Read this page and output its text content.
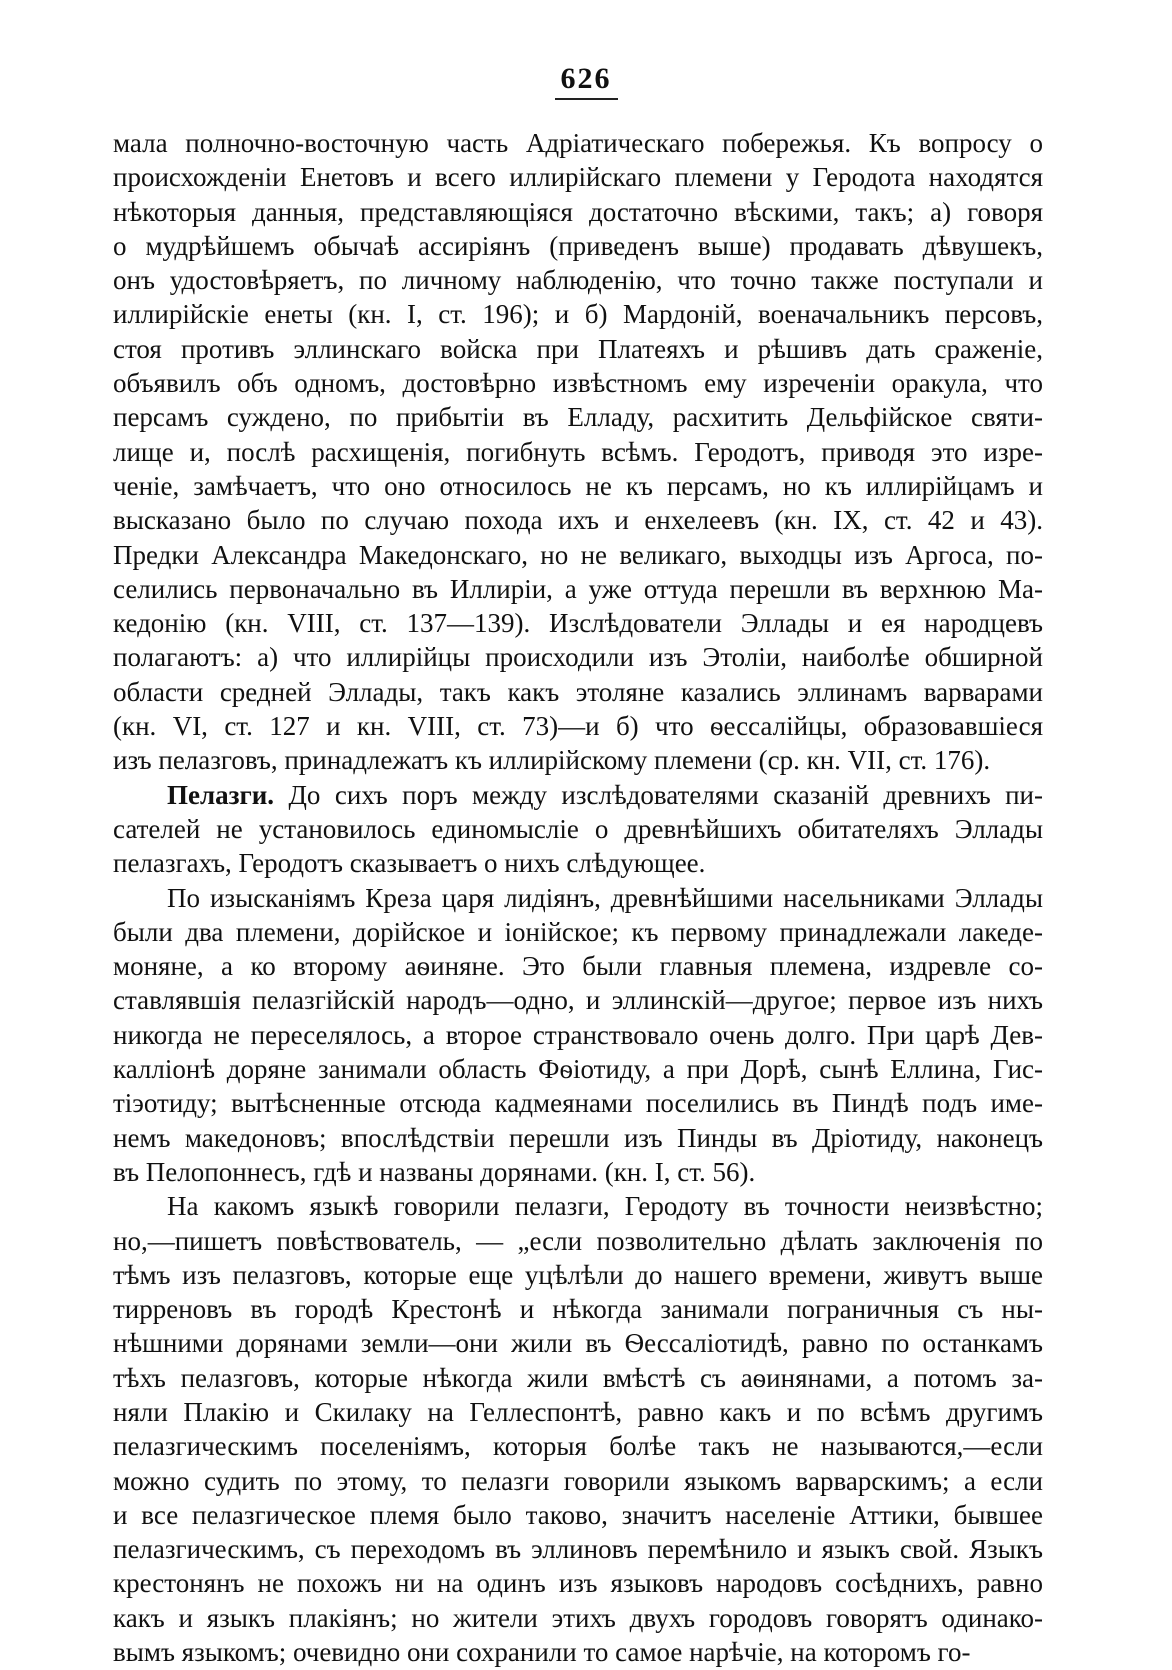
626
мала полночно-восточную часть Адріатическаго побережья. Къ вопросу о
происхожденіи Енетовъ и всего иллирійскаго племени у Геродота находятся
нѣкоторыя данныя, представляющіяся достаточно вѣскими, такъ; а) говоря
о мудрѣйшемъ обычаѣ ассиріянъ (приведенъ выше) продавать дѣвушекъ,
онъ удостовѣряетъ, по личному наблюденію, что точно также поступали и
иллирійскіе енеты (кн. I, ст. 196); и б) Мардоній, военачальникъ персовъ,
стоя противъ эллинскаго войска при Платеяхъ и рѣшивъ дать сраженіе,
объявилъ объ одномъ, достовѣрно извѣстномъ ему изреченіи оракула, что
персамъ суждено, по прибытіи въ Елладу, расхитить Дельфійское святи-
лище и, послѣ расхищенія, погибнуть всѣмъ. Геродотъ, приводя это изре-
ченіе, замѣчаетъ, что оно относилось не къ персамъ, но къ иллирійцамъ и
высказано было по случаю похода ихъ и енхелеевъ (кн. IX, ст. 42 и 43).
Предки Александра Македонскаго, но не великаго, выходцы изъ Аргоса, по-
селились первоначально въ Иллиріи, а уже оттуда перешли въ верхнюю Ма-
кедонію (кн. VIII, ст. 137—139). Изслѣдователи Эллады и ея народцевъ
полагаютъ: а) что иллирійцы происходили изъ Этоліи, наиболѣе обширной
области средней Эллады, такъ какъ этоляне казались эллинамъ варварами
(кн. VI, ст. 127 и кн. VIII, ст. 73)—и б) что ѳессалійцы, образовавшіеся
изъ пелазговъ, принадлежатъ къ иллирійскому племени (ср. кн. VII, ст. 176).
Пелазги. До сихъ поръ между изслѣдователями сказаній древнихъ пи-
сателей не установилось единомысліе о древнѣйшихъ обитателяхъ Эллады
пелазгахъ, Геродотъ сказываетъ о нихъ слѣдующее.
По изысканіямъ Креза царя лидіянъ, древнѣйшими насельниками Эллады
были два племени, дорійское и іонійское; къ первому принадлежали лакедe-
моняне, а ко второму аѳиняне. Это были главныя племена, издревле со-
ставлявшія пелазгійскій народъ—одно, и эллинскій—другое; первое изъ нихъ
никогда не переселялось, а второе странствовало очень долго. При царѣ Дев-
калліонѣ доряне занимали область Фѳіотиду, а при Дорѣ, сынѣ Еллина, Гис-
тіэотиду; вытѣсненные отсюда кадмеянами поселились въ Пиндѣ подъ име-
немъ македоновъ; впослѣдствіи перешли изъ Пинды въ Дріотиду, наконецъ
въ Пелопоннесъ, гдѣ и названы дорянами. (кн. I, ст. 56).
На какомъ языкѣ говорили пелазги, Геродоту въ точности неизвѣстно;
но,—пишетъ повѣствователь, — „если позволительно дѣлать заключенія по
тѣмъ изъ пелазговъ, которые еще уцѣлѣли до нашего времени, живутъ выше
тирреновъ въ городѣ Крестонѣ и нѣкогда занимали пограничныя съ ны-
нѣшними дорянами земли—они жили въ Ѳессаліотидѣ, равно по останкамъ
тѣхъ пелазговъ, которые нѣкогда жили вмѣстѣ съ аѳинянами, а потомъ за-
няли Плакію и Скилаку на Геллеспонтѣ, равно какъ и по всѣмъ другимъ
пелазгическимъ поселеніямъ, которыя болѣе такъ не называются,—если
можно судить по этому, то пелазги говорили языкомъ варварскимъ; а если
и все пелазгическое племя было таково, значитъ населеніе Аттики, бывшее
пелазгическимъ, съ переходомъ въ эллиновъ перемѣнило и языкъ свой. Языкъ
крестонянъ не похожъ ни на одинъ изъ языковъ народовъ сосѣднихъ, равно
какъ и языкъ плакіянъ; но жители этихъ двухъ городовъ говорятъ одинако-
вымъ языкомъ; очевидно они сохранили то самое нарѣчіе, на которомъ го-
